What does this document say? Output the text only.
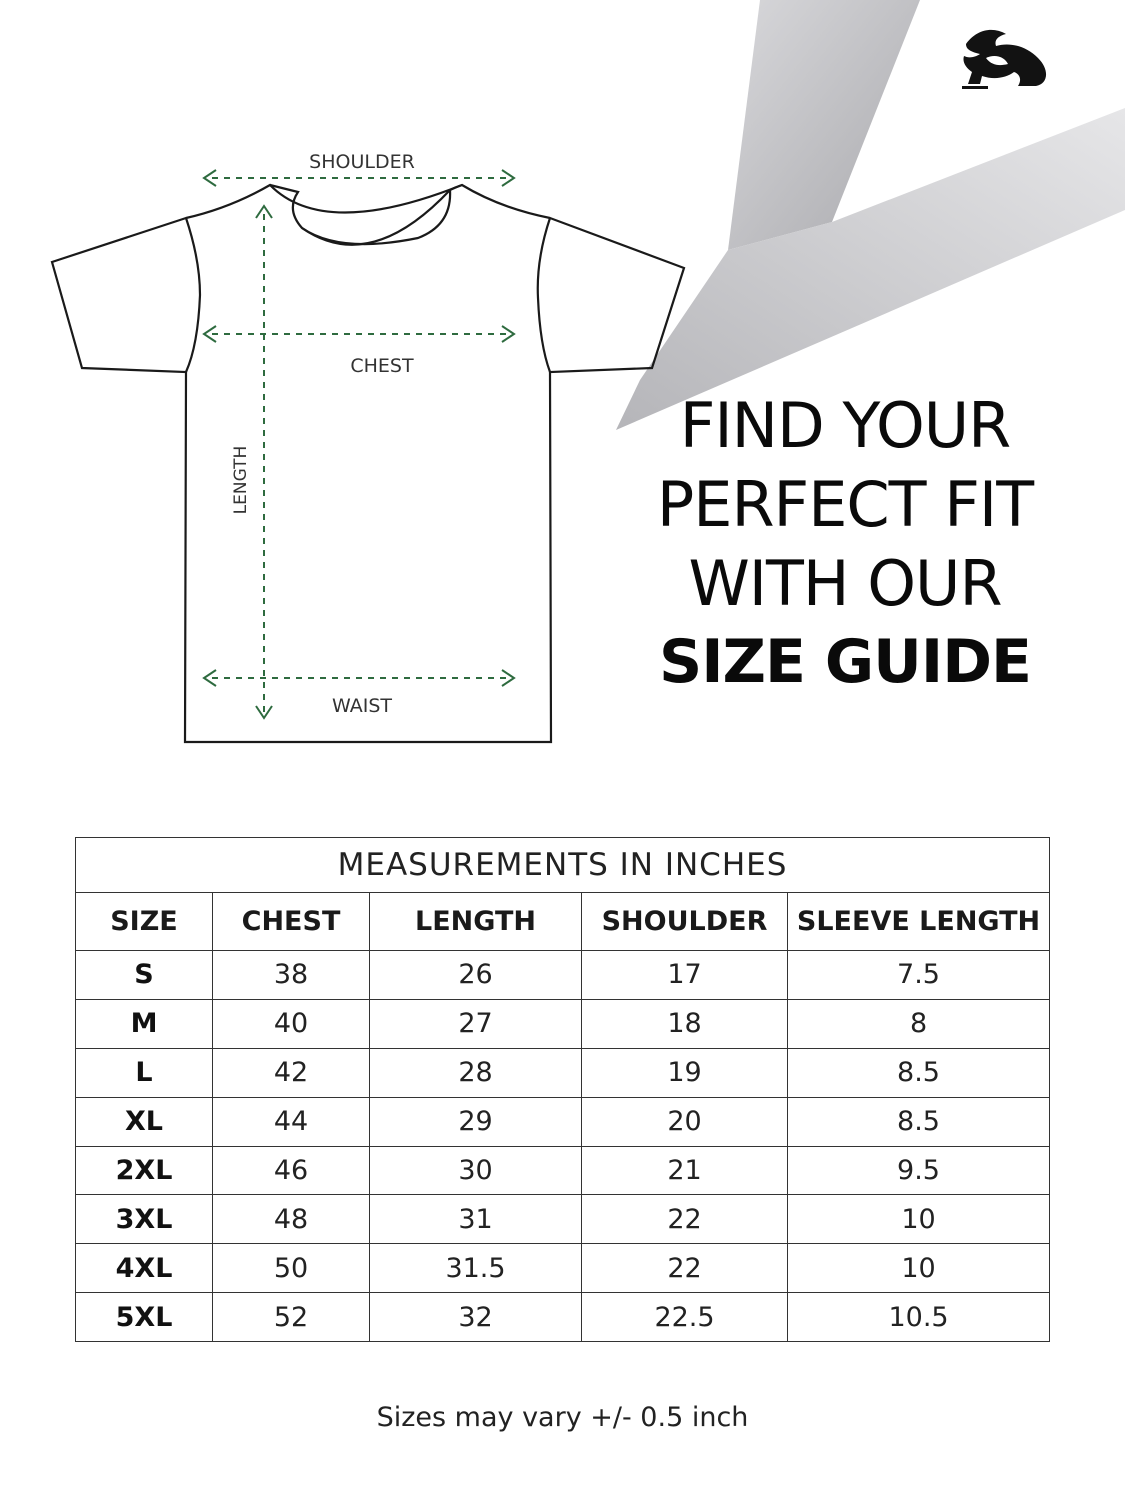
SHOULDER
CHEST
WAIST
LENGTH
FIND YOUR
PERFECT FIT
WITH OUR
SIZE GUIDE
MEASUREMENTS IN INCHES				
SIZE	CHEST	LENGTH	SHOULDER	SLEEVE LENGTH
S	38	26	17	7.5
M	40	27	18	8
L	42	28	19	8.5
XL	44	29	20	8.5
2XL	46	30	21	9.5
3XL	48	31	22	10
4XL	50	31.5	22	10
5XL	52	32	22.5	10.5
Sizes may vary +/- 0.5 inch
